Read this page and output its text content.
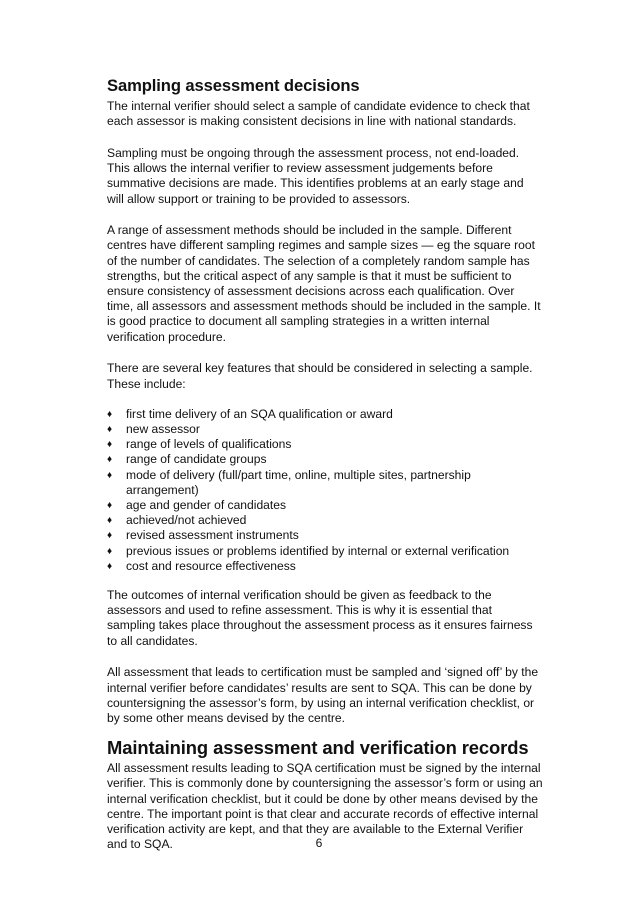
Sampling assessment decisions

The internal verifier should select a sample of candidate evidence to check that
each assessor is making consistent decisions in line with national standards.

Sampling must be ongoing through the assessment process, not end-loaded.
This allows the internal verifier to review assessment judgements before
summative decisions are made. This identifies problems at an early stage and
will allow support or training to be provided to assessors.

A range of assessment methods should be included in the sample. Different
centres have different sampling regimes and sample sizes — eg the square root
of the number of candidates. The selection of a completely random sample has
strengths, but the critical aspect of any sample is that it must be sufficient to
ensure consistency of assessment decisions across each qualification. Over
time, all assessors and assessment methods should be included in the sample. It
is good practice to document all sampling strategies in a written internal
verification procedure.

There are several key features that should be considered in selecting a sample.
These include:

♦ first time delivery of an SQA qualification or award
♦ new assessor
♦ range of levels of qualifications
♦ range of candidate groups
♦ mode of delivery (full/part time, online, multiple sites, partnership arrangement)
♦ age and gender of candidates
♦ achieved/not achieved
♦ revised assessment instruments
♦ previous issues or problems identified by internal or external verification
♦ cost and resource effectiveness

The outcomes of internal verification should be given as feedback to the
assessors and used to refine assessment. This is why it is essential that
sampling takes place throughout the assessment process as it ensures fairness
to all candidates.

All assessment that leads to certification must be sampled and ‘signed off’ by the
internal verifier before candidates’ results are sent to SQA. This can be done by
countersigning the assessor’s form, by using an internal verification checklist, or
by some other means devised by the centre.

Maintaining assessment and verification records

All assessment results leading to SQA certification must be signed by the internal
verifier. This is commonly done by countersigning the assessor’s form or using an
internal verification checklist, but it could be done by other means devised by the
centre. The important point is that clear and accurate records of effective internal
verification activity are kept, and that they are available to the External Verifier
and to SQA.	6
